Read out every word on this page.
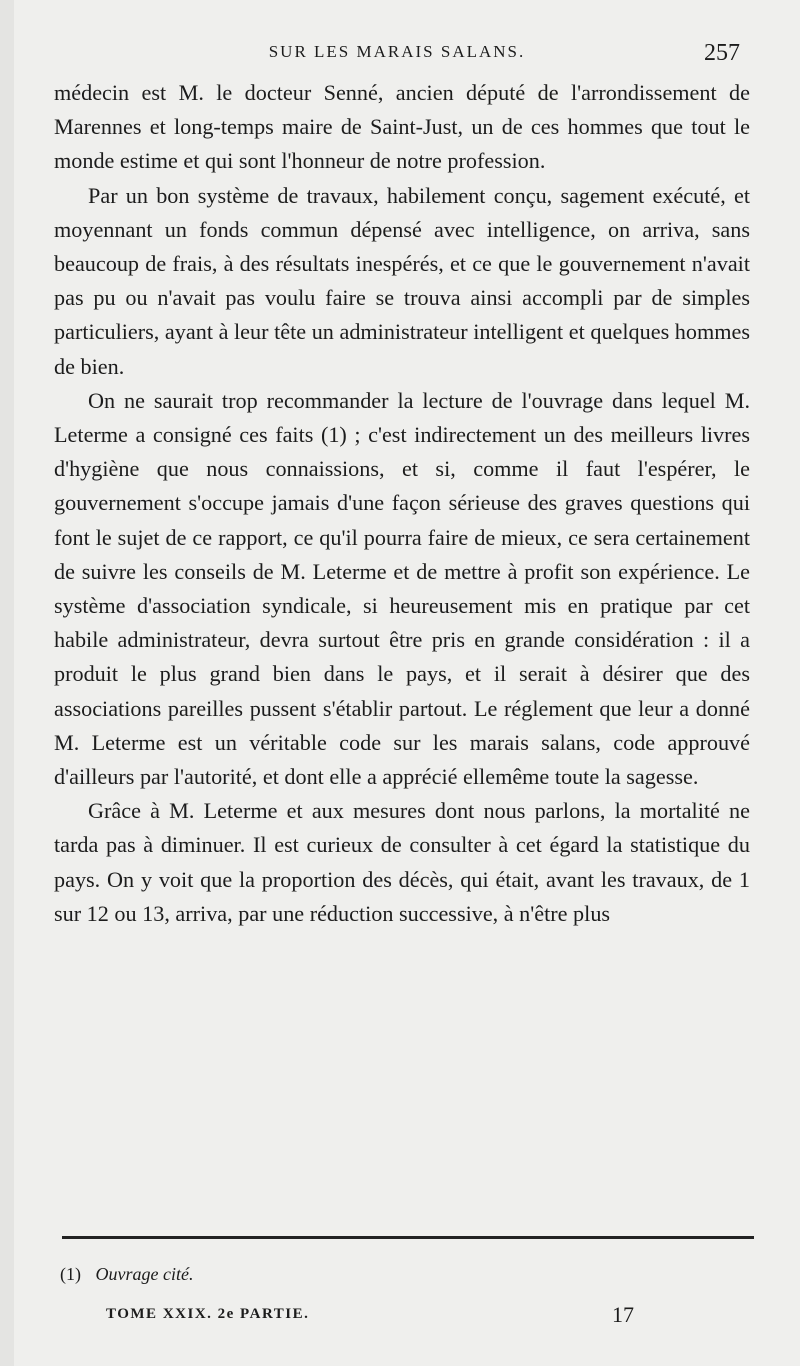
SUR LES MARAIS SALANS.	257

médecin est M. le docteur Senné, ancien député de l'arrondissement de Marennes et long-temps maire de Saint-Just, un de ces hommes que tout le monde estime et qui sont l'honneur de notre profession.

Par un bon système de travaux, habilement conçu, sagement exécuté, et moyennant un fonds commun dépensé avec intelligence, on arriva, sans beaucoup de frais, à des résultats inespérés, et ce que le gouvernement n'avait pas pu ou n'avait pas voulu faire se trouva ainsi accompli par de simples particuliers, ayant à leur tête un administrateur intelligent et quelques hommes de bien.

On ne saurait trop recommander la lecture de l'ouvrage dans lequel M. Leterme a consigné ces faits (1) ; c'est indirectement un des meilleurs livres d'hygiène que nous connaissions, et si, comme il faut l'espérer, le gouvernement s'occupe jamais d'une façon sérieuse des graves questions qui font le sujet de ce rapport, ce qu'il pourra faire de mieux, ce sera certainement de suivre les conseils de M. Leterme et de mettre à profit son expérience. Le système d'association syndicale, si heureusement mis en pratique par cet habile administrateur, devra surtout être pris en grande considération : il a produit le plus grand bien dans le pays, et il serait à désirer que des associations pareilles pussent s'établir partout. Le réglement que leur a donné M. Leterme est un véritable code sur les marais salans, code approuvé d'ailleurs par l'autorité, et dont elle a apprécié ellemême toute la sagesse.

Grâce à M. Leterme et aux mesures dont nous parlons, la mortalité ne tarda pas à diminuer. Il est curieux de consulter à cet égard la statistique du pays. On y voit que la proportion des décès, qui était, avant les travaux, de 1 sur 12 ou 13, arriva, par une réduction successive, à n'être plus

(1) Ouvrage cité.
TOME XXIX. 2e PARTIE.	17
